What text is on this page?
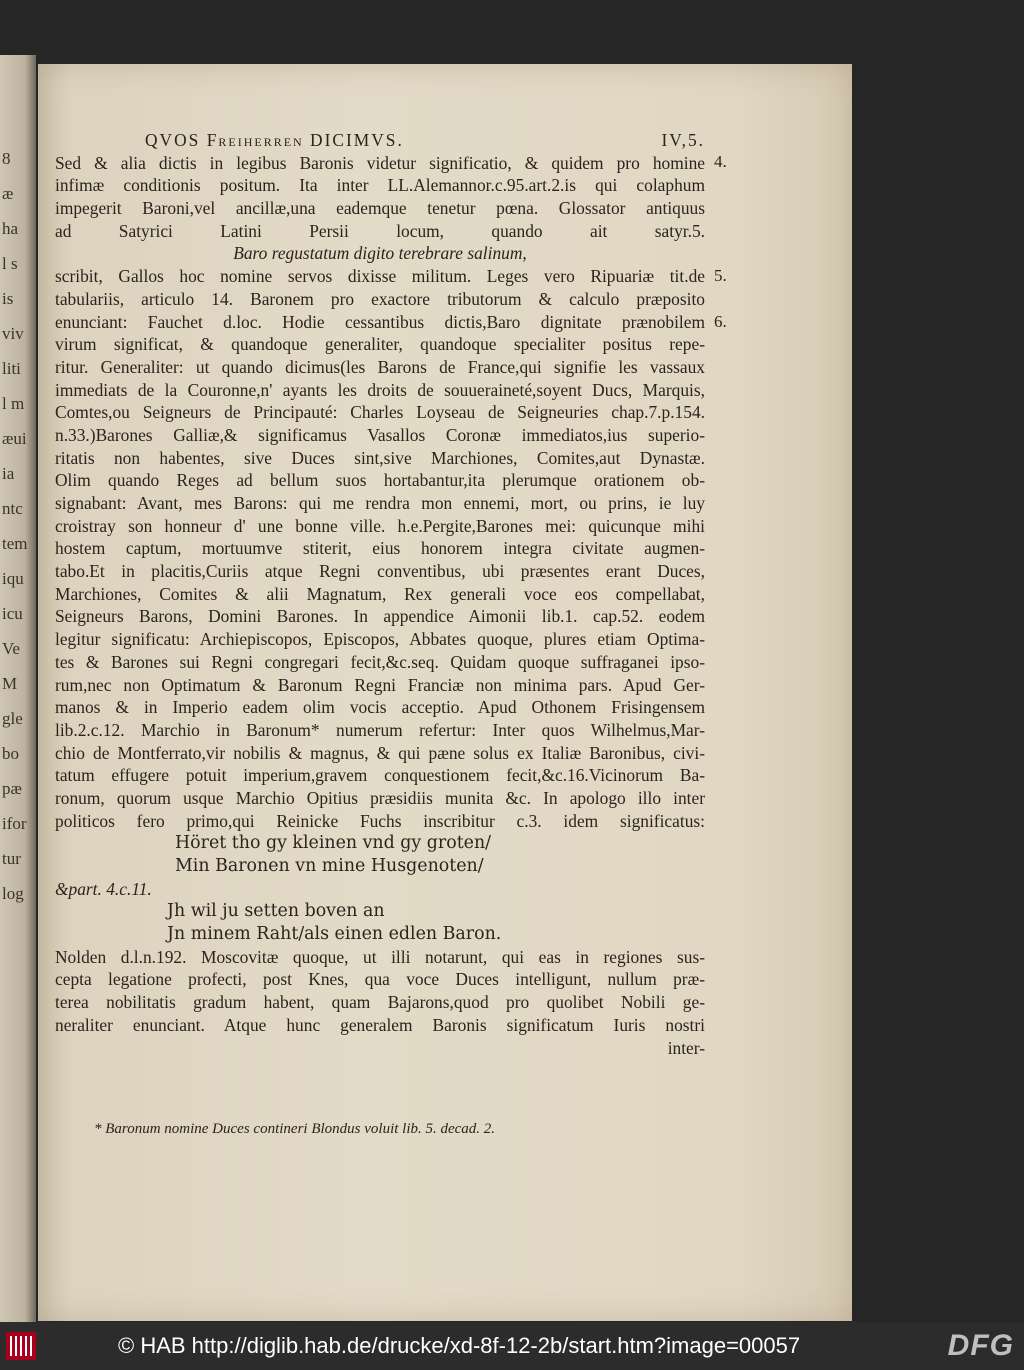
8
æ
ha
l s
is
viv
liti
l m
æui
ia
ntc
tem
iqu
icu
Ve
M
gle
bo
pæ
ifor
tur
log
QVOS Freiherren DICIMVS.	IV,5.
Sed & alia dictis in legibus Baronis videtur significatio, & quidem pro homine
infimæ conditionis positum. Ita inter LL.Alemannor.c.95.art.2.is qui colaphum
impegerit Baroni,vel ancillæ,una eademque tenetur pœna. Glossator antiquus
ad Satyrici Latini Persii locum, quando ait satyr.5.
Baro regustatum digito terebrare salinum,
scribit, Gallos hoc nomine servos dixisse militum. Leges vero Ripuariæ tit.de
tabulariis, articulo 14. Baronem pro exactore tributorum & calculo præposito
enunciant: Fauchet d.loc. Hodie cessantibus dictis,Baro dignitate prænobilem
virum significat, & quandoque generaliter, quandoque specialiter positus repe-
ritur. Generaliter: ut quando dicimus(les Barons de France,qui signifie les vassaux
immediats de la Couronne,n' ayants les droits de souueraineté,soyent Ducs, Marquis,
Comtes,ou Seigneurs de Principauté: Charles Loyseau de Seigneuries chap.7.p.154.
n.33.)Barones Galliæ,& significamus Vasallos Coronæ immediatos,ius superio-
ritatis non habentes, sive Duces sint,sive Marchiones, Comites,aut Dynastæ.
Olim quando Reges ad bellum suos hortabantur,ita plerumque orationem ob-
signabant: Avant, mes Barons: qui me rendra mon ennemi, mort, ou prins, ie luy
croistray son honneur d' une bonne ville. h.e.Pergite,Barones mei: quicunque mihi
hostem captum, mortuumve stiterit, eius honorem integra civitate augmen-
tabo.Et in placitis,Curiis atque Regni conventibus, ubi præsentes erant Duces,
Marchiones, Comites & alii Magnatum, Rex generali voce eos compellabat,
Seigneurs Barons, Domini Barones. In appendice Aimonii lib.1. cap.52. eodem
legitur significatu: Archiepiscopos, Episcopos, Abbates quoque, plures etiam Optima-
tes & Barones sui Regni congregari fecit,&c.seq. Quidam quoque suffraganei ipso-
rum,nec non Optimatum & Baronum Regni Franciæ non minima pars. Apud Ger-
manos & in Imperio eadem olim vocis acceptio. Apud Othonem Frisingensem
lib.2.c.12. Marchio in Baronum* numerum refertur: Inter quos Wilhelmus,Mar-
chio de Montferrato,vir nobilis & magnus, & qui pæne solus ex Italiæ Baronibus, civi-
tatum effugere potuit imperium,gravem conquestionem fecit,&c.16.Vicinorum Ba-
ronum, quorum usque Marchio Opitius præsidiis munita &c. In apologo illo inter
politicos fero primo,qui Reinicke Fuchs inscribitur c.3. idem significatus:
Höret tho gy kleinen vnd gy groten/
Min Baronen vn mine Husgenoten/
&part. 4.c.11.
Jh wil ju setten boven an
Jn minem Raht/als einen edlen Baron.
Nolden d.l.n.192. Moscovitæ quoque, ut illi notarunt, qui eas in regiones sus-
cepta legatione profecti, post Knes, qua voce Duces intelligunt, nullum præ-
terea nobilitatis gradum habent, quam Bajarons,quod pro quolibet Nobili ge-
neraliter enunciant. Atque hunc generalem Baronis significatum Iuris nostri
inter-
4.
5.
6.
* Baronum nomine Duces contineri Blondus voluit lib. 5. decad. 2.
© HAB http://diglib.hab.de/drucke/xd-8f-12-2b/start.htm?image=00057	DFG
